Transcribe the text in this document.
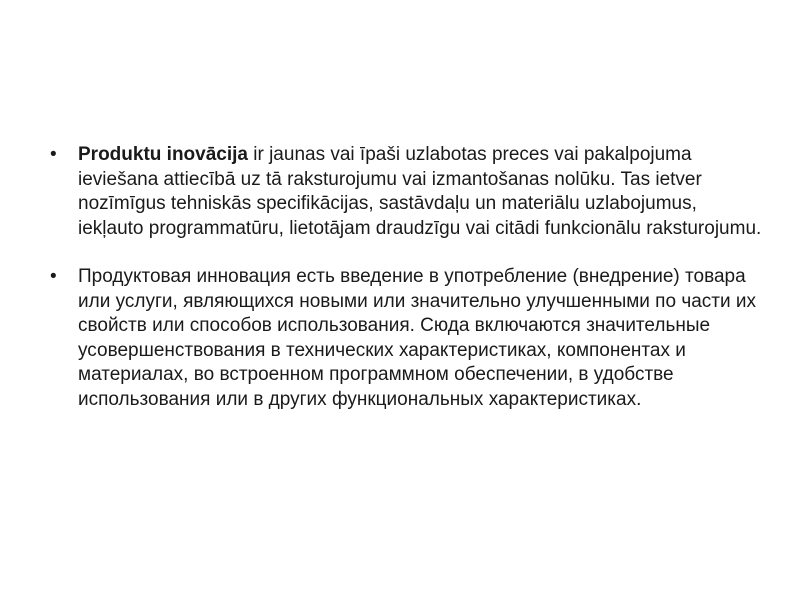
• Produktu inovācija ir jaunas vai īpaši uzlabotas preces vai pakalpojuma ieviešana attiecībā uz tā raksturojumu vai izmantošanas nolūku. Tas ietver nozīmīgus tehniskās specifikācijas, sastāvdaļu un materiālu uzlabojumus, iekļauto programmatūru, lietotājam draudzīgu vai citādi funkcionālu raksturojumu.
• Продуктовая инновация есть введение в употребление (внедрение) товара или услуги, являющихся новыми или значительно улучшенными по части их свойств или способов использования. Сюда включаются значительные усовершенствования в технических характеристиках, компонентах и материалах, во встроенном программном обеспечении, в удобстве использования или в других функциональных характеристиках.
